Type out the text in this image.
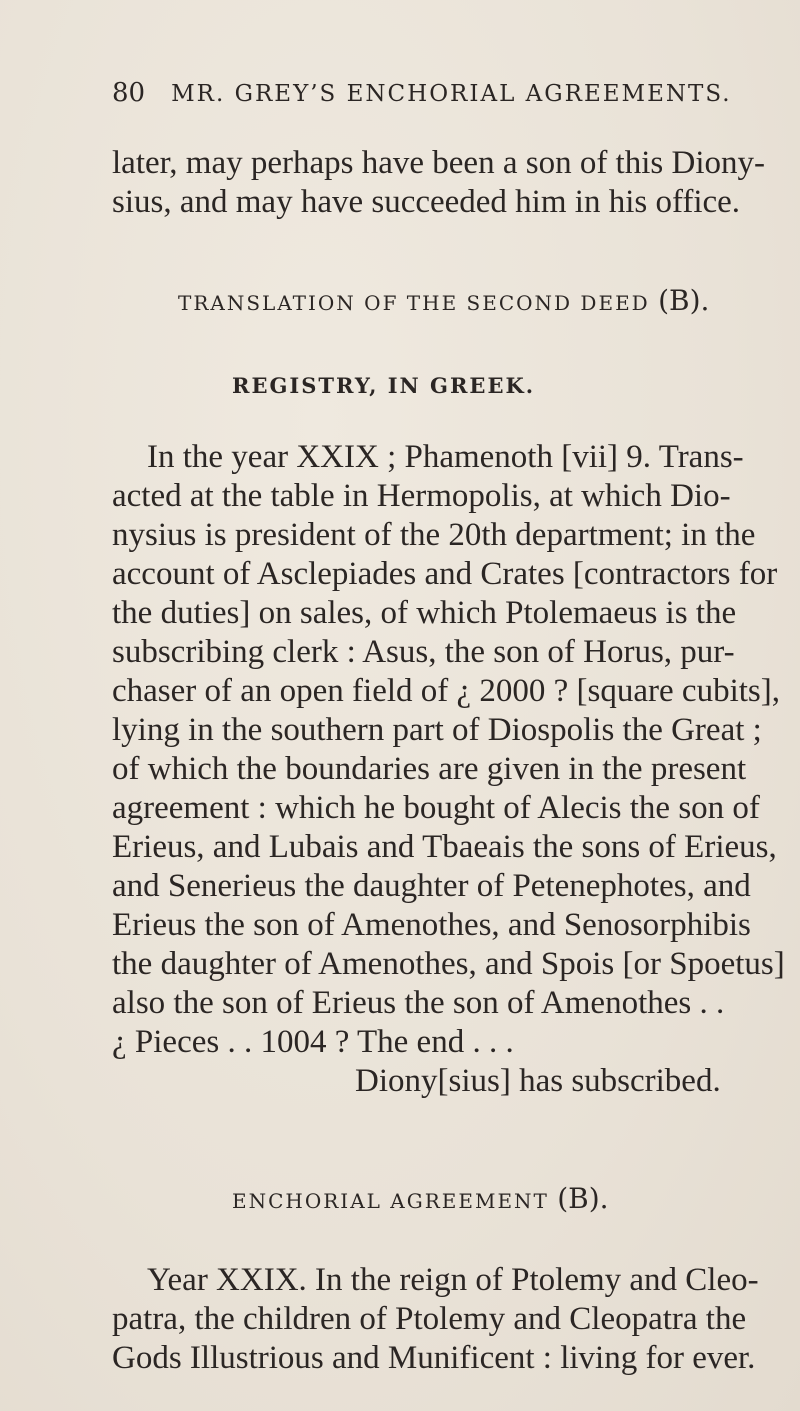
80 MR. GREY’S ENCHORIAL AGREEMENTS.
later, may perhaps have been a son of this Diony-
sius, and may have succeeded him in his office.
TRANSLATION OF THE SECOND DEED (B).
REGISTRY, IN GREEK.
In the year XXIX ; Phamenoth [vii] 9. Trans-
acted at the table in Hermopolis, at which Dio-
nysius is president of the 20th department; in the
account of Asclepiades and Crates [contractors for
the duties] on sales, of which Ptolemaeus is the
subscribing clerk : Asus, the son of Horus, pur-
chaser of an open field of ¿ 2000 ? [square cubits],
lying in the southern part of Diospolis the Great ;
of which the boundaries are given in the present
agreement : which he bought of Alecis the son of
Erieus, and Lubais and Tbaeais the sons of Erieus,
and Senerieus the daughter of Petenephotes, and
Erieus the son of Amenothes, and Senosorphibis
the daughter of Amenothes, and Spois [or Spoetus]
also the son of Erieus the son of Amenothes . .
¿ Pieces . . 1004 ? The end . . .
Diony[sius] has subscribed.
ENCHORIAL AGREEMENT (B).
Year XXIX. In the reign of Ptolemy and Cleo-
patra, the children of Ptolemy and Cleopatra the
Gods Illustrious and Munificent : living for ever.
